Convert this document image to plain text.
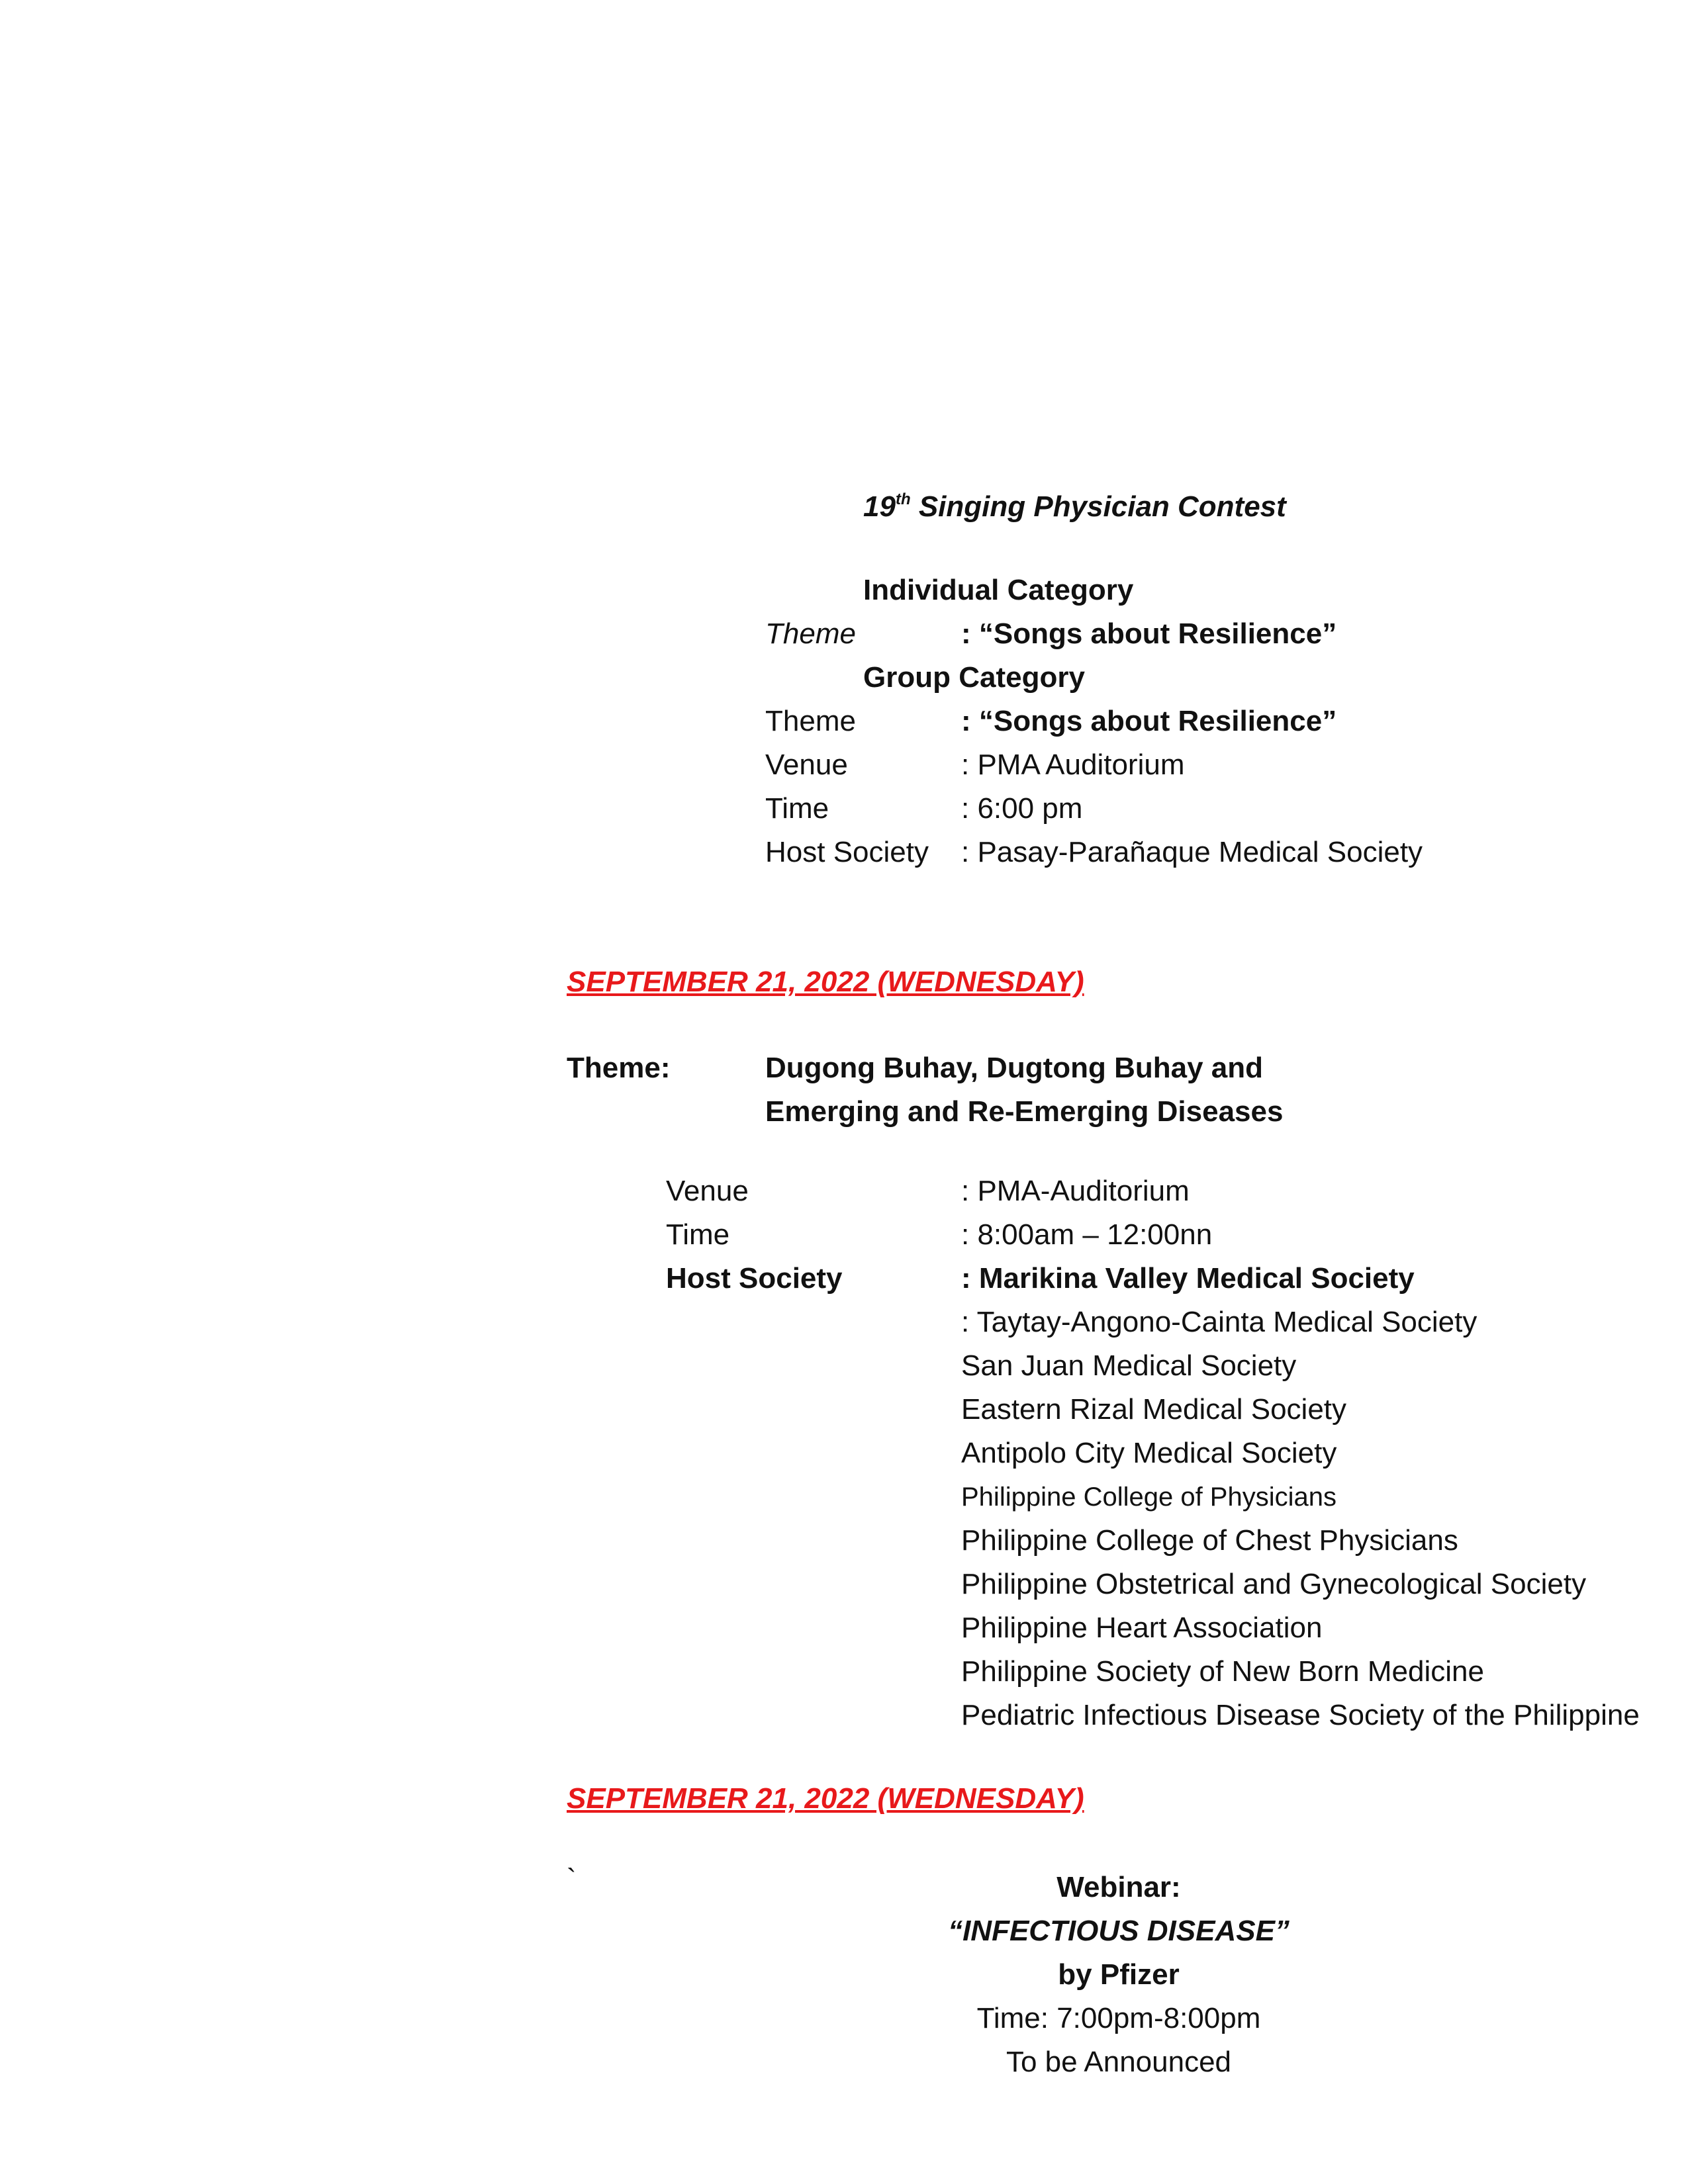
19th Singing Physician Contest
Individual Category
Theme	: “Songs about Resilience”
Group Category
Theme	: “Songs about Resilience”
Venue	: PMA Auditorium
Time	: 6:00 pm
Host Society : Pasay-Parañaque Medical Society
SEPTEMBER 21, 2022 (WEDNESDAY)
Theme:	Dugong Buhay, Dugtong Buhay and
Emerging and Re-Emerging Diseases
Venue	: PMA-Auditorium
Time	: 8:00am – 12:00nn
Host Society	: Marikina Valley Medical Society
: Taytay-Angono-Cainta Medical Society
San Juan Medical Society
Eastern Rizal Medical Society
Antipolo City Medical Society
Philippine College of Physicians
Philippine College of Chest Physicians
Philippine Obstetrical and Gynecological Society
Philippine Heart Association
Philippine Society of New Born Medicine
Pediatric Infectious Disease Society of the Philippine
SEPTEMBER 21, 2022 (WEDNESDAY)
`	Webinar:
“INFECTIOUS DISEASE”
by Pfizer
Time: 7:00pm-8:00pm
To be Announced
